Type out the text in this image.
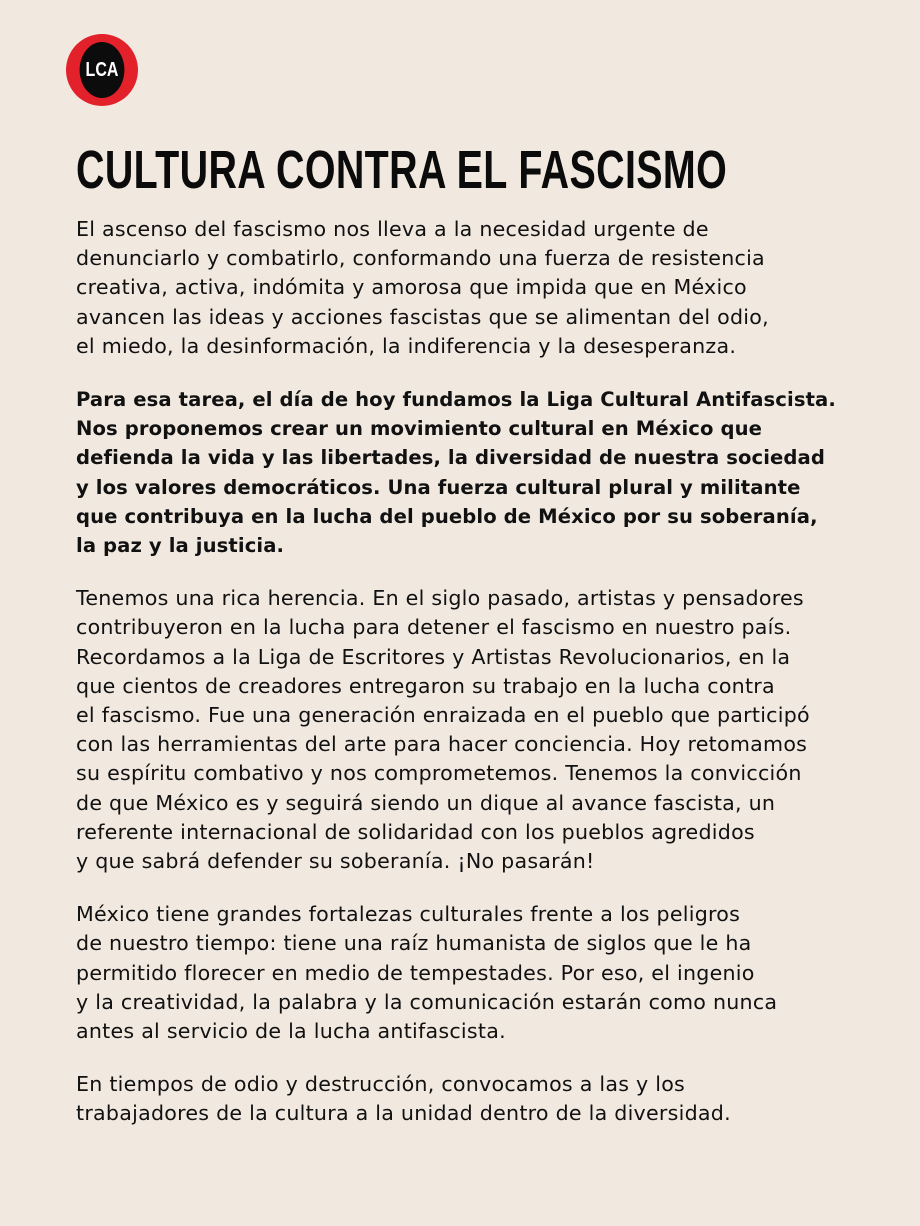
LCA
CULTURA CONTRA EL FASCISMO

El ascenso del fascismo nos lleva a la necesidad urgente de
denunciarlo y combatirlo, conformando una fuerza de resistencia
creativa, activa, indómita y amorosa que impida que en México
avancen las ideas y acciones fascistas que se alimentan del odio,
el miedo, la desinformación, la indiferencia y la desesperanza.

Para esa tarea, el día de hoy fundamos la Liga Cultural Antifascista.
Nos proponemos crear un movimiento cultural en México que
defienda la vida y las libertades, la diversidad de nuestra sociedad
y los valores democráticos. Una fuerza cultural plural y militante
que contribuya en la lucha del pueblo de México por su soberanía,
la paz y la justicia.

Tenemos una rica herencia. En el siglo pasado, artistas y pensadores
contribuyeron en la lucha para detener el fascismo en nuestro país.
Recordamos a la Liga de Escritores y Artistas Revolucionarios, en la
que cientos de creadores entregaron su trabajo en la lucha contra
el fascismo. Fue una generación enraizada en el pueblo que participó
con las herramientas del arte para hacer conciencia. Hoy retomamos
su espíritu combativo y nos comprometemos. Tenemos la convicción
de que México es y seguirá siendo un dique al avance fascista, un
referente internacional de solidaridad con los pueblos agredidos
y que sabrá defender su soberanía. ¡No pasarán!

México tiene grandes fortalezas culturales frente a los peligros
de nuestro tiempo: tiene una raíz humanista de siglos que le ha
permitido florecer en medio de tempestades. Por eso, el ingenio
y la creatividad, la palabra y la comunicación estarán como nunca
antes al servicio de la lucha antifascista.

En tiempos de odio y destrucción, convocamos a las y los
trabajadores de la cultura a la unidad dentro de la diversidad.
